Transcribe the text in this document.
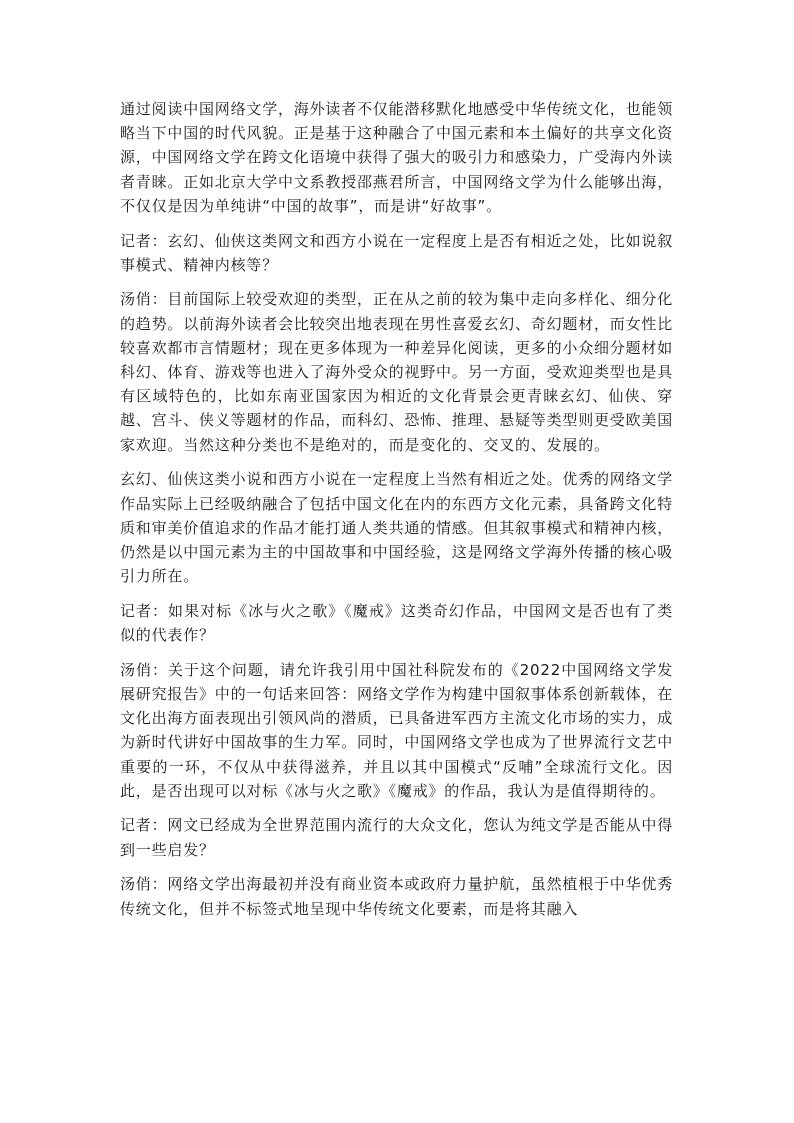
通过阅读中国网络文学，海外读者不仅能潜移默化地感受中华传统文化，也能领略当下中国的时代风貌。正是基于这种融合了中国元素和本土偏好的共享文化资源，中国网络文学在跨文化语境中获得了强大的吸引力和感染力，广受海内外读者青睐。正如北京大学中文系教授邵燕君所言，中国网络文学为什么能够出海，不仅仅是因为单纯讲“中国的故事”，而是讲“好故事”。

记者：玄幻、仙侠这类网文和西方小说在一定程度上是否有相近之处，比如说叙事模式、精神内核等？

汤俏：目前国际上较受欢迎的类型，正在从之前的较为集中走向多样化、细分化的趋势。以前海外读者会比较突出地表现在男性喜爱玄幻、奇幻题材，而女性比较喜欢都市言情题材；现在更多体现为一种差异化阅读，更多的小众细分题材如科幻、体育、游戏等也进入了海外受众的视野中。另一方面，受欢迎类型也是具有区域特色的，比如东南亚国家因为相近的文化背景会更青睐玄幻、仙侠、穿越、宫斗、侠义等题材的作品，而科幻、恐怖、推理、悬疑等类型则更受欧美国家欢迎。当然这种分类也不是绝对的，而是变化的、交叉的、发展的。

玄幻、仙侠这类小说和西方小说在一定程度上当然有相近之处。优秀的网络文学作品实际上已经吸纳融合了包括中国文化在内的东西方文化元素，具备跨文化特质和审美价值追求的作品才能打通人类共通的情感。但其叙事模式和精神内核，仍然是以中国元素为主的中国故事和中国经验，这是网络文学海外传播的核心吸引力所在。

记者：如果对标《冰与火之歌》《魔戒》这类奇幻作品，中国网文是否也有了类似的代表作？

汤俏：关于这个问题，请允许我引用中国社科院发布的《2022中国网络文学发展研究报告》中的一句话来回答：网络文学作为构建中国叙事体系创新载体，在文化出海方面表现出引领风尚的潜质，已具备进军西方主流文化市场的实力，成为新时代讲好中国故事的生力军。同时，中国网络文学也成为了世界流行文艺中重要的一环，不仅从中获得滋养，并且以其中国模式“反哺”全球流行文化。因此，是否出现可以对标《冰与火之歌》《魔戒》的作品，我认为是值得期待的。

记者：网文已经成为全世界范围内流行的大众文化，您认为纯文学是否能从中得到一些启发？

汤俏：网络文学出海最初并没有商业资本或政府力量护航，虽然植根于中华优秀传统文化，但并不标签式地呈现中华传统文化要素，而是将其融入
